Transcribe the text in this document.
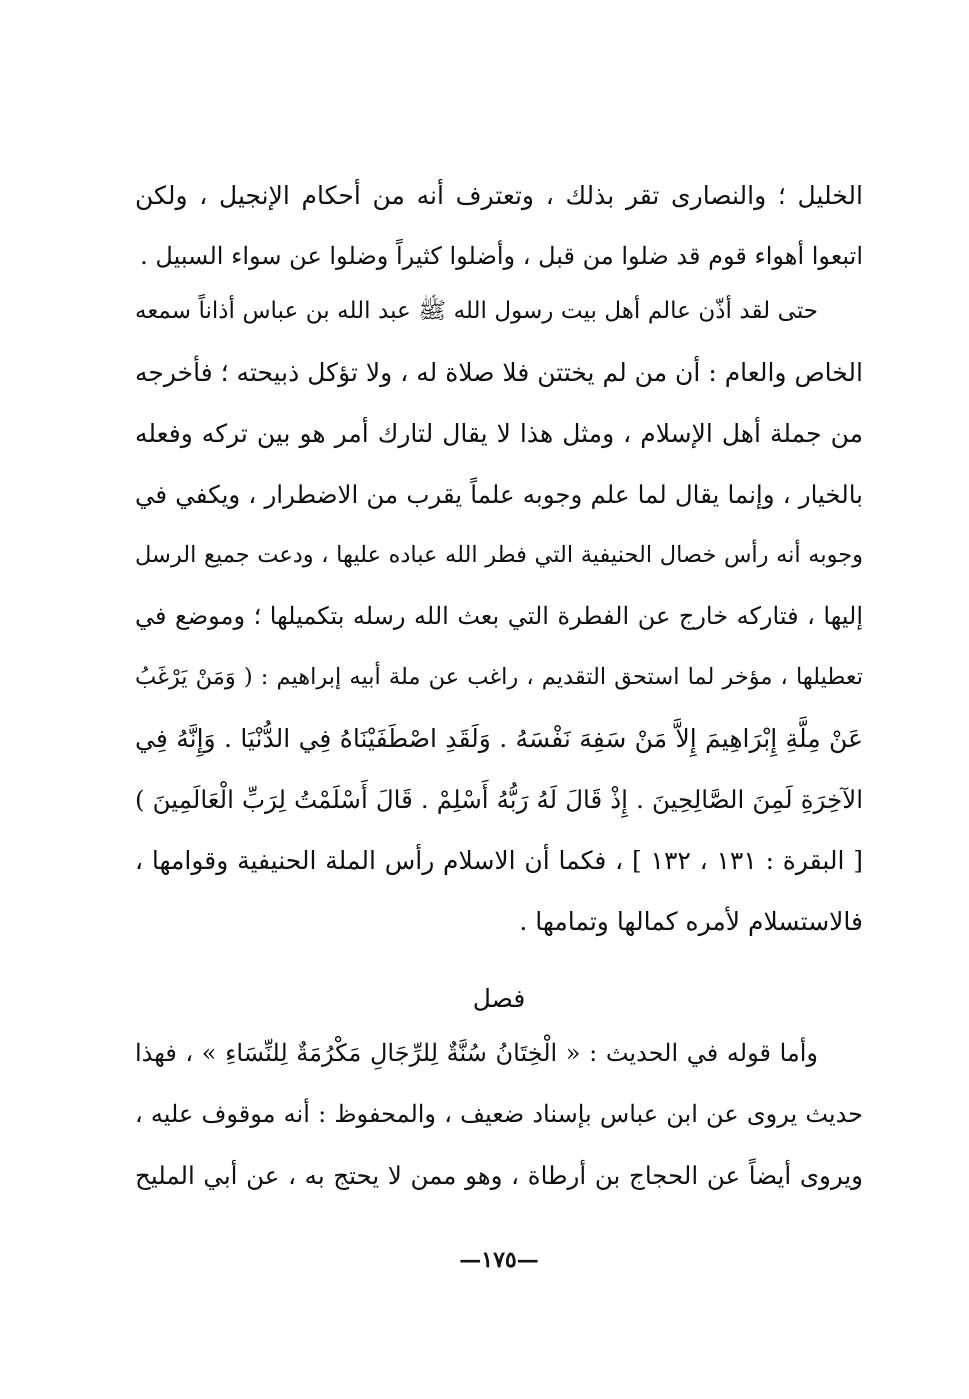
الخليل ؛ والنصارى تقر بذلك ، وتعترف أنه من أحكام الإنجيل ، ولكن
اتبعوا أهواء قوم قد ضلوا من قبل ، وأضلوا كثيراً وضلوا عن سواء السبيل .
حتى لقد أذّن عالم أهل بيت رسول الله ﷺ عبد الله بن عباس أذاناً سمعه
الخاص والعام : أن من لم يختتن فلا صلاة له ، ولا تؤكل ذبيحته ؛ فأخرجه
من جملة أهل الإسلام ، ومثل هذا لا يقال لتارك أمر هو بين تركه وفعله
بالخيار ، وإنما يقال لما علم وجوبه علماً يقرب من الاضطرار ، ويكفي في
وجوبه أنه رأس خصال الحنيفية التي فطر الله عباده عليها ، ودعت جميع الرسل
إليها ، فتاركه خارج عن الفطرة التي بعث الله رسله بتكميلها ؛ وموضع في
تعطيلها ، مؤخر لما استحق التقديم ، راغب عن ملة أبيه إبراهيم : ( وَمَنْ يَرْغَبُ
عَنْ مِلَّةِ إِبْرَاهِيمَ إِلاَّ مَنْ سَفِهَ نَفْسَهُ . وَلَقَدِ اصْطَفَيْنَاهُ فِي الدُّنْيَا . وَإِنَّهُ فِي
الآخِرَةِ لَمِنَ الصَّالِحِينَ . إِذْ قَالَ لَهُ رَبُّهُ أَسْلِمْ . قَالَ أَسْلَمْتُ لِرَبِّ الْعَالَمِينَ )
[ البقرة : ١٣١ ، ١٣٢ ] ، فكما أن الاسلام رأس الملة الحنيفية وقوامها ،
فالاستسلام لأمره كمالها وتمامها .
فصل
وأما قوله في الحديث : « الْخِتَانُ سُنَّةٌ لِلرِّجَالِ مَكْرُمَةٌ لِلنِّسَاءِ » ، فهذا
حديث يروى عن ابن عباس بإسناد ضعيف ، والمحفوظ : أنه موقوف عليه ،
ويروى أيضاً عن الحجاج بن أرطاة ، وهو ممن لا يحتج به ، عن أبي المليح
—١٧٥—
